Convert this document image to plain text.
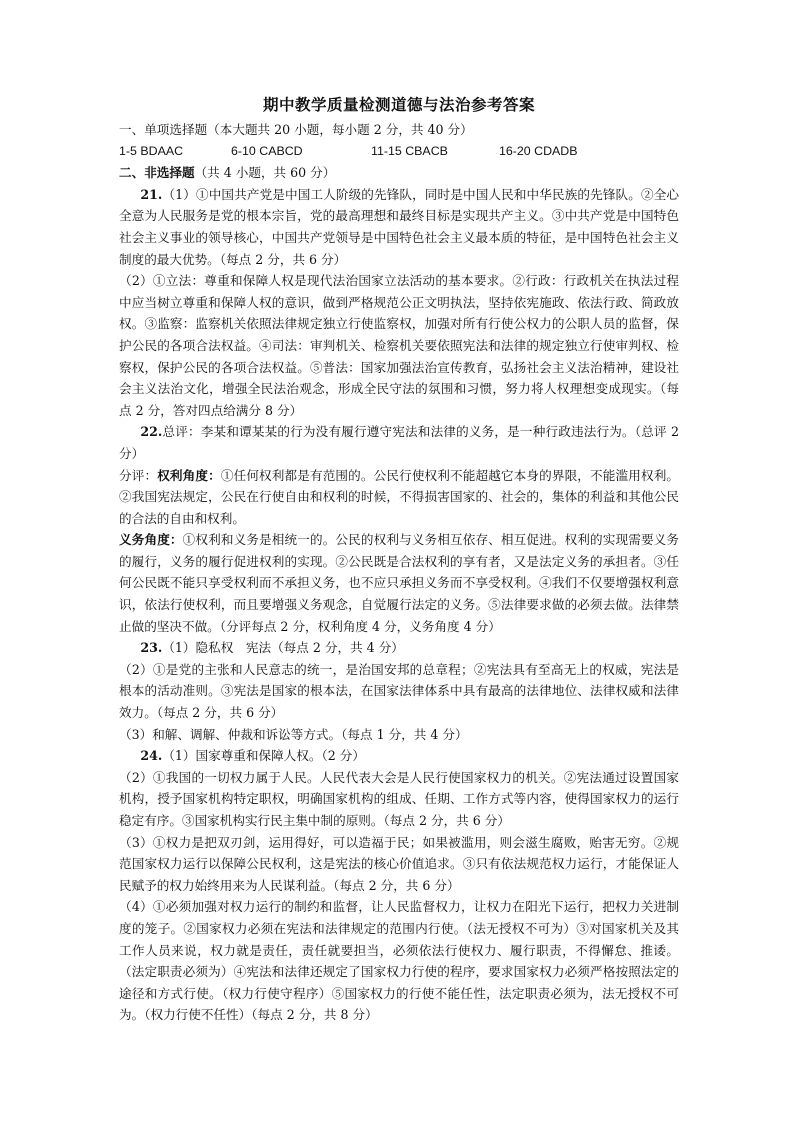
期中教学质量检测道德与法治参考答案

一、单项选择题（本大题共 20 小题，每小题 2 分，共 40 分）

1-5 BDAAC	6-10 CABCD	11-15 CBACB	16-20 CDADB

二、非选择题（共 4 小题，共 60 分）

21.（1）①中国共产党是中国工人阶级的先锋队，同时是中国人民和中华民族的先锋队。②全心全意为人民服务是党的根本宗旨，党的最高理想和最终目标是实现共产主义。③中共产党是中国特色社会主义事业的领导核心，中国共产党领导是中国特色社会主义最本质的特征，是中国特色社会主义制度的最大优势。（每点 2 分，共 6 分）

（2）①立法：尊重和保障人权是现代法治国家立法活动的基本要求。②行政：行政机关在执法过程中应当树立尊重和保障人权的意识，做到严格规范公正文明执法，坚持依宪施政、依法行政、简政放权。③监察：监察机关依照法律规定独立行使监察权，加强对所有行使公权力的公职人员的监督，保护公民的各项合法权益。④司法：审判机关、检察机关要依照宪法和法律的规定独立行使审判权、检察权，保护公民的各项合法权益。⑤普法：国家加强法治宣传教育，弘扬社会主义法治精神，建设社会主义法治文化，增强全民法治观念，形成全民守法的氛围和习惯，努力将人权理想变成现实。（每点 2 分，答对四点给满分 8 分）

22.总评：李某和谭某某的行为没有履行遵守宪法和法律的义务，是一种行政违法行为。（总评 2 分）

分评：权利角度：①任何权利都是有范围的。公民行使权利不能超越它本身的界限，不能滥用权利。②我国宪法规定，公民在行使自由和权利的时候，不得损害国家的、社会的，集体的利益和其他公民的合法的自由和权利。

义务角度：①权利和义务是相统一的。公民的权利与义务相互依存、相互促进。权利的实现需要义务的履行，义务的履行促进权利的实现。②公民既是合法权利的享有者，又是法定义务的承担者。③任何公民既不能只享受权利而不承担义务，也不应只承担义务而不享受权利。④我们不仅要增强权利意识，依法行使权利，而且要增强义务观念，自觉履行法定的义务。⑤法律要求做的必须去做。法律禁止做的坚决不做。（分评每点 2 分，权利角度 4 分，义务角度 4 分）

23.（1）隐私权　宪法（每点 2 分，共 4 分）

（2）①是党的主张和人民意志的统一，是治国安邦的总章程；②宪法具有至高无上的权威，宪法是根本的活动准则。③宪法是国家的根本法，在国家法律体系中具有最高的法律地位、法律权威和法律效力。（每点 2 分，共 6 分）

（3）和解、调解、仲裁和诉讼等方式。（每点 1 分，共 4 分）

24.（1）国家尊重和保障人权。（2 分）

（2）①我国的一切权力属于人民。人民代表大会是人民行使国家权力的机关。②宪法通过设置国家机构，授予国家机构特定职权，明确国家机构的组成、任期、工作方式等内容，使得国家权力的运行稳定有序。③国家机构实行民主集中制的原则。（每点 2 分，共 6 分）

（3）①权力是把双刃剑，运用得好，可以造福于民；如果被滥用，则会滋生腐败，贻害无穷。②规范国家权力运行以保障公民权利，这是宪法的核心价值追求。③只有依法规范权力运行，才能保证人民赋予的权力始终用来为人民谋利益。（每点 2 分，共 6 分）

（4）①必须加强对权力运行的制约和监督，让人民监督权力，让权力在阳光下运行，把权力关进制度的笼子。②国家权力必须在宪法和法律规定的范围内行使。（法无授权不可为）③对国家机关及其工作人员来说，权力就是责任，责任就要担当，必须依法行使权力、履行职责，不得懈怠、推诿。（法定职责必须为）④宪法和法律还规定了国家权力行使的程序，要求国家权力必须严格按照法定的途径和方式行使。（权力行使守程序）⑤国家权力的行使不能任性，法定职责必须为，法无授权不可为。（权力行使不任性）（每点 2 分，共 8 分）
